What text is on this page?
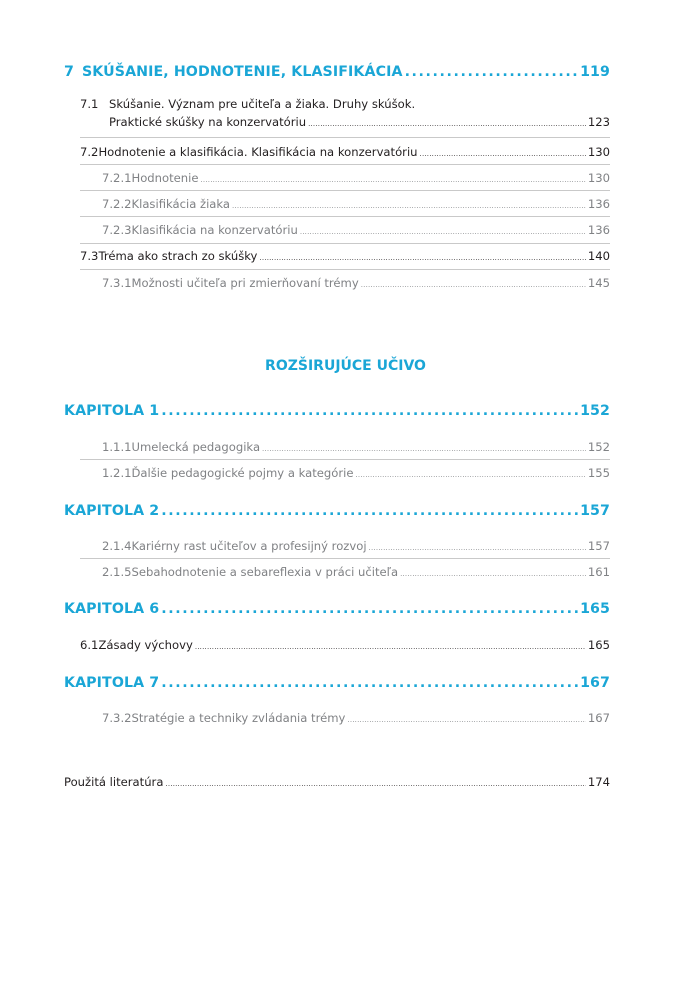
7 SKÚŠANIE, HODNOTENIE, KLASIFIKÁCIA .....	119
7.1 Skúšanie. Význam pre učiteľa a žiaka. Druhy skúšok.
Praktické skúšky na konzervatóriu .....	123
7.2 Hodnotenie a klasifikácia. Klasifikácia na konzervatóriu .....	130
7.2.1 Hodnotenie .....	130
7.2.2 Klasifikácia žiaka .....	136
7.2.3 Klasifikácia na konzervatóriu .....	136
7.3 Tréma ako strach zo skúšky .....	140
7.3.1 Možnosti učiteľa pri zmierňovaní trémy .....	145
ROZŠIRUJÚCE UČIVO
KAPITOLA 1 .....	152
1.1.1 Umelecká pedagogika .....	152
1.2.1 Ďalšie pedagogické pojmy a kategórie .....	155
KAPITOLA 2 .....	157
2.1.4 Kariérny rast učiteľov a profesijný rozvoj .....	157
2.1.5 Sebahodnotenie a sebareflexia v práci učiteľa .....	161
KAPITOLA 6 .....	165
6.1 Zásady výchovy .....	165
KAPITOLA 7 .....	167
7.3.2 Stratégie a techniky zvládania trémy .....	167
Použitá literatúra .....	174
